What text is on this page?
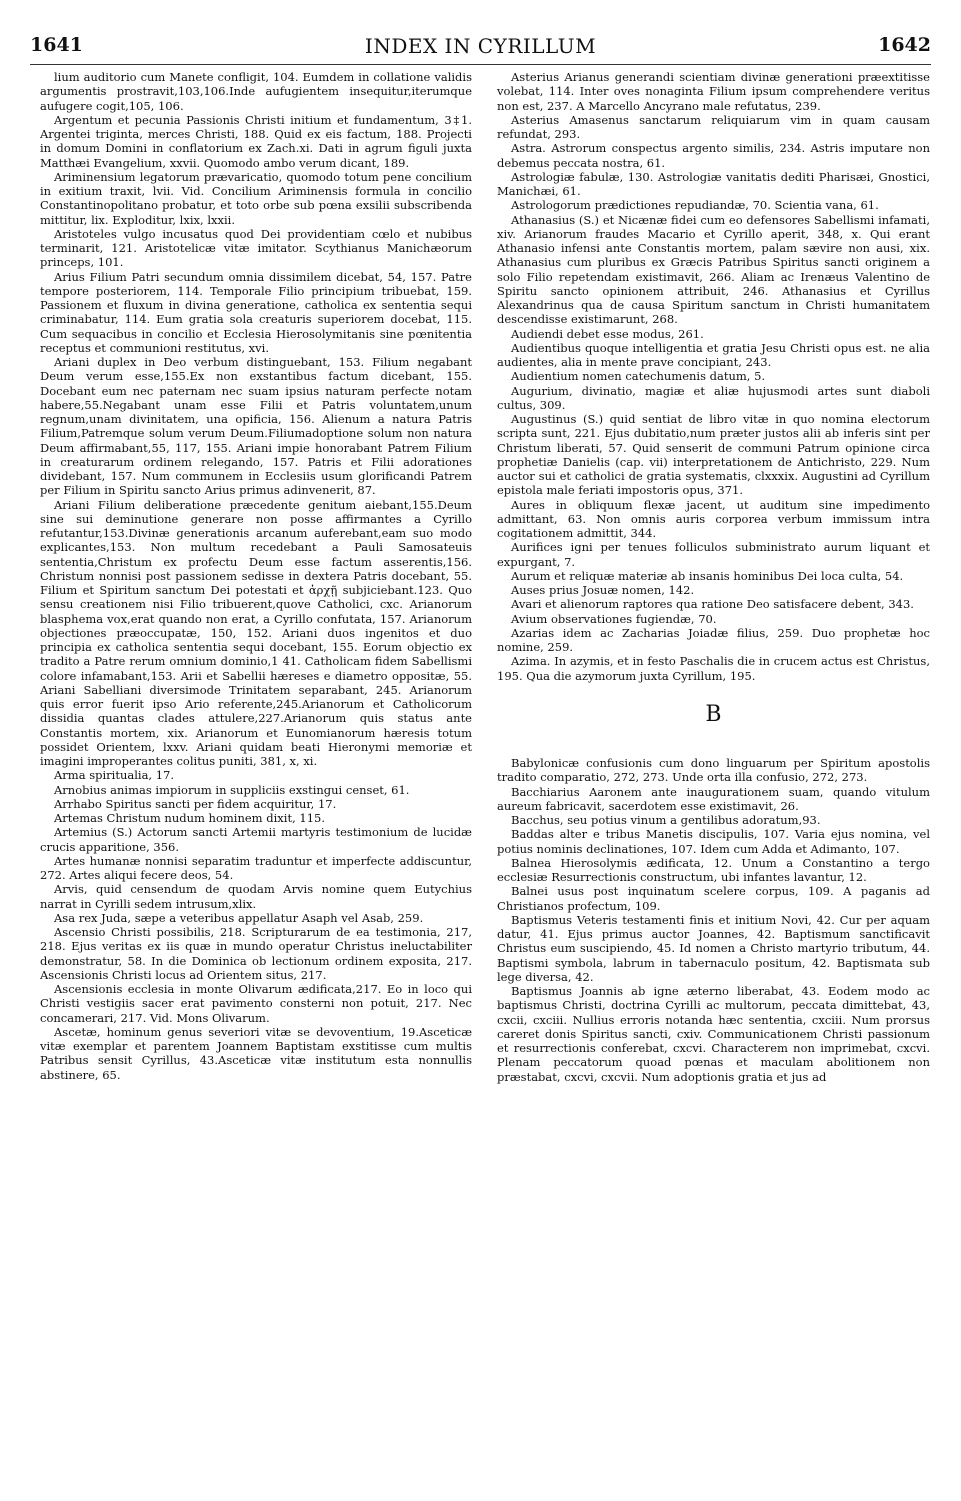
1641	INDEX IN CYRILLUM	1642

lium auditorio cum Manete confligit, 104. Eumdem in collatione validis argumentis prostravit,103,106.Inde aufugientem insequitur,iterumque aufugere cogit,105, 106.

Argentum et pecunia Passionis Christi initium et fundamentum, 3‡1. Argentei triginta, merces Christi, 188. Quid ex eis factum, 188. Projecti in domum Domini in conflatorium ex Zach.xi. Dati in agrum figuli juxta Matthæi Evangelium, xxvii. Quomodo ambo verum dicant, 189.

Ariminensium legatorum prævaricatio, quomodo totum pene concilium in exitium traxit, lvii. Vid. Concilium Ariminensis formula in concilio Constantinopolitano probatur, et toto orbe sub pœna exsilii subscribenda mittitur, lix. Exploditur, lxix, lxxii.

Aristoteles vulgo incusatus quod Dei providentiam cœlo et nubibus terminarit, 121. Aristotelicæ vitæ imitator. Scythianus Manichæorum princeps, 101.

Arius Filium Patri secundum omnia dissimilem dicebat, 54, 157. Patre tempore posteriorem, 114. Temporale Filio principium tribuebat, 159. Passionem et fluxum in divina generatione, catholica ex sententia sequi criminabatur, 114. Eum gratia sola creaturis superiorem docebat, 115. Cum sequacibus in concilio et Ecclesia Hierosolymitanis sine pœnitentia receptus et communioni restitutus, xvi.

Ariani duplex in Deo verbum distinguebant, 153. Filium negabant Deum verum esse,155.Ex non exstantibus factum dicebant, 155. Docebant eum nec paternam nec suam ipsius naturam perfecte notam habere,55.Negabant unam esse Filii et Patris voluntatem,unum regnum,unam divinitatem, una opificia, 156. Alienum a natura Patris Filium,Patremque solum verum Deum.Filiumadoptione solum non natura Deum affirmabant,55, 117, 155. Ariani impie honorabant Patrem Filium in creaturarum ordinem relegando, 157. Patris et Filii adorationes dividebant, 157. Num communem in Ecclesiis usum glorificandi Patrem per Filium in Spiritu sancto Arius primus adinvenerit, 87.

Ariani Filium deliberatione præcedente genitum aiebant,155.Deum sine sui deminutione generare non posse affirmantes a Cyrillo refutantur,153.Divinæ generationis arcanum auferebant,eam suo modo explicantes,153. Non multum recedebant a Pauli Samosateuis sententia,Christum ex profectu Deum esse factum asserentis,156. Christum nonnisi post passionem sedisse in dextera Patris docebant, 55. Filium et Spiritum sanctum Dei potestati et ἀρχῇ subjiciebant.123. Quo sensu creationem nisi Filio tribuerent,quove Catholici, cxc. Arianorum blasphema vox,erat quando non erat, a Cyrillo confutata, 157. Arianorum objectiones præoccupatæ, 150, 152. Ariani duos ingenitos et duo principia ex catholica sententia sequi docebant, 155. Eorum objectio ex tradito a Patre rerum omnium dominio,1 41. Catholicam fidem Sabellismi colore infamabant,153. Arii et Sabellii hæreses e diametro oppositæ, 55. Ariani Sabelliani diversimode Trinitatem separabant, 245. Arianorum quis error fuerit ipso Ario referente,245.Arianorum et Catholicorum dissidia quantas clades attulere,227.Arianorum quis status ante Constantis mortem, xix. Arianorum et Eunomianorum hæresis totum possidet Orientem, lxxv. Ariani quidam beati Hieronymi memoriæ et imagini improperantes colitus puniti, 381, x, xi.

Arma spiritualia, 17.

Arnobius animas impiorum in suppliciis exstingui censet, 61.

Arrhabo Spiritus sancti per fidem acquiritur, 17.

Artemas Christum nudum hominem dixit, 115.

Artemius (S.) Actorum sancti Artemii martyris testimonium de lucidæ crucis apparitione, 356.

Artes humanæ nonnisi separatim traduntur et imperfecte addiscuntur, 272. Artes aliqui fecere deos, 54.

Arvis, quid censendum de quodam Arvis nomine quem Eutychius narrat in Cyrilli sedem intrusum,xlix.

Asa rex Juda, sæpe a veteribus appellatur Asaph vel Asab, 259.

Ascensio Christi possibilis, 218. Scripturarum de ea testimonia, 217, 218. Ejus veritas ex iis quæ in mundo operatur Christus ineluctabiliter demonstratur, 58. In die Dominica ob lectionum ordinem exposita, 217. Ascensionis Christi locus ad Orientem situs, 217.

Ascensionis ecclesia in monte Olivarum ædificata,217. Eo in loco qui Christi vestigiis sacer erat pavimento consterni non potuit, 217. Nec concamerari, 217. Vid. Mons Olivarum.

Ascetæ, hominum genus severiori vitæ se devoventium, 19.Asceticæ vitæ exemplar et parentem Joannem Baptistam exstitisse cum multis Patribus sensit Cyrillus, 43.Asceticæ vitæ institutum esta nonnullis abstinere, 65.

Asterius Arianus generandi scientiam divinæ generationi præextitisse volebat, 114. Inter oves nonaginta Filium ipsum comprehendere veritus non est, 237. A Marcello Ancyrano male refutatus, 239.

Asterius Amasenus sanctarum reliquiarum vim in quam causam refundat, 293.

Astra. Astrorum conspectus argento similis, 234. Astris imputare non debemus peccata nostra, 61.

Astrologiæ fabulæ, 130. Astrologiæ vanitatis dediti Pharisæi, Gnostici, Manichæi, 61.

Astrologorum prædictiones repudiandæ, 70. Scientia vana, 61.

Athanasius (S.) et Nicænæ fidei cum eo defensores Sabellismi infamati, xiv. Arianorum fraudes Macario et Cyrillo aperit, 348, x. Qui erant Athanasio infensi ante Constantis mortem, palam sævire non ausi, xix. Athanasius cum pluribus ex Græcis Patribus Spiritus sancti originem a solo Filio repetendam existimavit, 266. Aliam ac Irenæus Valentino de Spiritu sancto opinionem attribuit, 246. Athanasius et Cyrillus Alexandrinus qua de causa Spiritum sanctum in Christi humanitatem descendisse existimarunt, 268.

Audiendi debet esse modus, 261.

Audientibus quoque intelligentia et gratia Jesu Christi opus est. ne alia audientes, alia in mente prave concipiant, 243.

Audientium nomen catechumenis datum, 5.

Augurium, divinatio, magiæ et aliæ hujusmodi artes sunt diaboli cultus, 309.

Augustinus (S.) quid sentiat de libro vitæ in quo nomina electorum scripta sunt, 221. Ejus dubitatio,num præter justos alii ab inferis sint per Christum liberati, 57. Quid senserit de communi Patrum opinione circa prophetiæ Danielis (cap. vii) interpretationem de Antichristo, 229. Num auctor sui et catholici de gratia systematis, clxxxix. Augustini ad Cyrillum epistola male feriati impostoris opus, 371.

Aures in obliquum flexæ jacent, ut auditum sine impedimento admittant, 63. Non omnis auris corporea verbum immissum intra cogitationem admittit, 344.

Aurifices igni per tenues folliculos subministrato aurum liquant et expurgant, 7.

Aurum et reliquæ materiæ ab insanis hominibus Dei loca culta, 54.

Auses prius Josuæ nomen, 142.

Avari et alienorum raptores qua ratione Deo satisfacere debent, 343.

Avium observationes fugiendæ, 70.

Azarias idem ac Zacharias Joiadæ filius, 259. Duo prophetæ hoc nomine, 259.

Azima. In azymis, et in festo Paschalis die in crucem actus est Christus, 195. Qua die azymorum juxta Cyrillum, 195.

B

Babylonicæ confusionis cum dono linguarum per Spiritum apostolis tradito comparatio, 272, 273. Unde orta illa confusio, 272, 273.

Bacchiarius Aaronem ante inaugurationem suam, quando vitulum aureum fabricavit, sacerdotem esse existimavit, 26.

Bacchus, seu potius vinum a gentilibus adoratum,93.

Baddas alter e tribus Manetis discipulis, 107. Varia ejus nomina, vel potius nominis declinationes, 107. Idem cum Adda et Adimanto, 107.

Balnea Hierosolymis ædificata, 12. Unum a Constantino a tergo ecclesiæ Resurrectionis constructum, ubi infantes lavantur, 12.

Balnei usus post inquinatum scelere corpus, 109. A paganis ad Christianos profectum, 109.

Baptismus Veteris testamenti finis et initium Novi, 42. Cur per aquam datur, 41. Ejus primus auctor Joannes, 42. Baptismum sanctificavit Christus eum suscipiendo, 45. Id nomen a Christo martyrio tributum, 44. Baptismi symbola, labrum in tabernaculo positum, 42. Baptismata sub lege diversa, 42.

Baptismus Joannis ab igne æterno liberabat, 43. Eodem modo ac baptismus Christi, doctrina Cyrilli ac multorum, peccata dimittebat, 43, cxcii, cxciii. Nullius erroris notanda hæc sententia, cxciii. Num prorsus careret donis Spiritus sancti, cxiv. Communicationem Christi passionum et resurrectionis conferebat, cxcvi. Characterem non imprimebat, cxcvi. Plenam peccatorum quoad pœnas et maculam abolitionem non præstabat, cxcvi, cxcvii. Num adoptionis gratia et jus ad
